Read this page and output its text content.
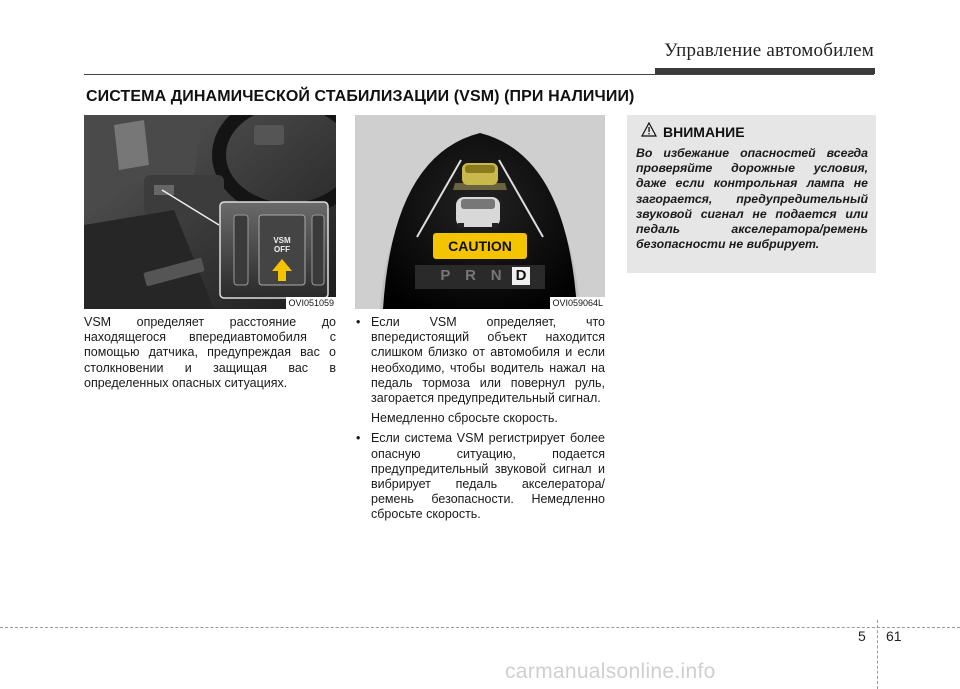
Управление автомобилем
СИСТЕМА ДИНАМИЧЕСКОЙ СТАБИЛИЗАЦИИ (VSM) (ПРИ НАЛИЧИИ)
VSM
OFF
OVI051059
CAUTION
P R N D
OVI059064L
ВНИМАНИЕ
Во избежание опасностей всегда проверяйте дорожные условия, даже если контрольная лампа не загорается, предупредительный звуковой сигнал не подается или педаль акселератора/ремень безопасности не вибрирует.
VSM определяет расстояние до находящегося впередиавтомобиля с помощью датчика, предупреждая вас о столкновении и защищая вас в определенных опасных ситуациях.
• Если VSM определяет, что впередистоящий объект находится слишком близко от автомобиля и если необходимо, чтобы водитель нажал на педаль тормоза или повернул руль, загорается предупредительный сигнал.
Немедленно сбросьте скорость.
• Если система VSM регистрирует более опасную ситуацию, подается предупредительный звуковой сигнал и вибрирует педаль акселератора/ремень безопасности. Немедленно сбросьте скорость.
5 61
carmanualsonline.info
